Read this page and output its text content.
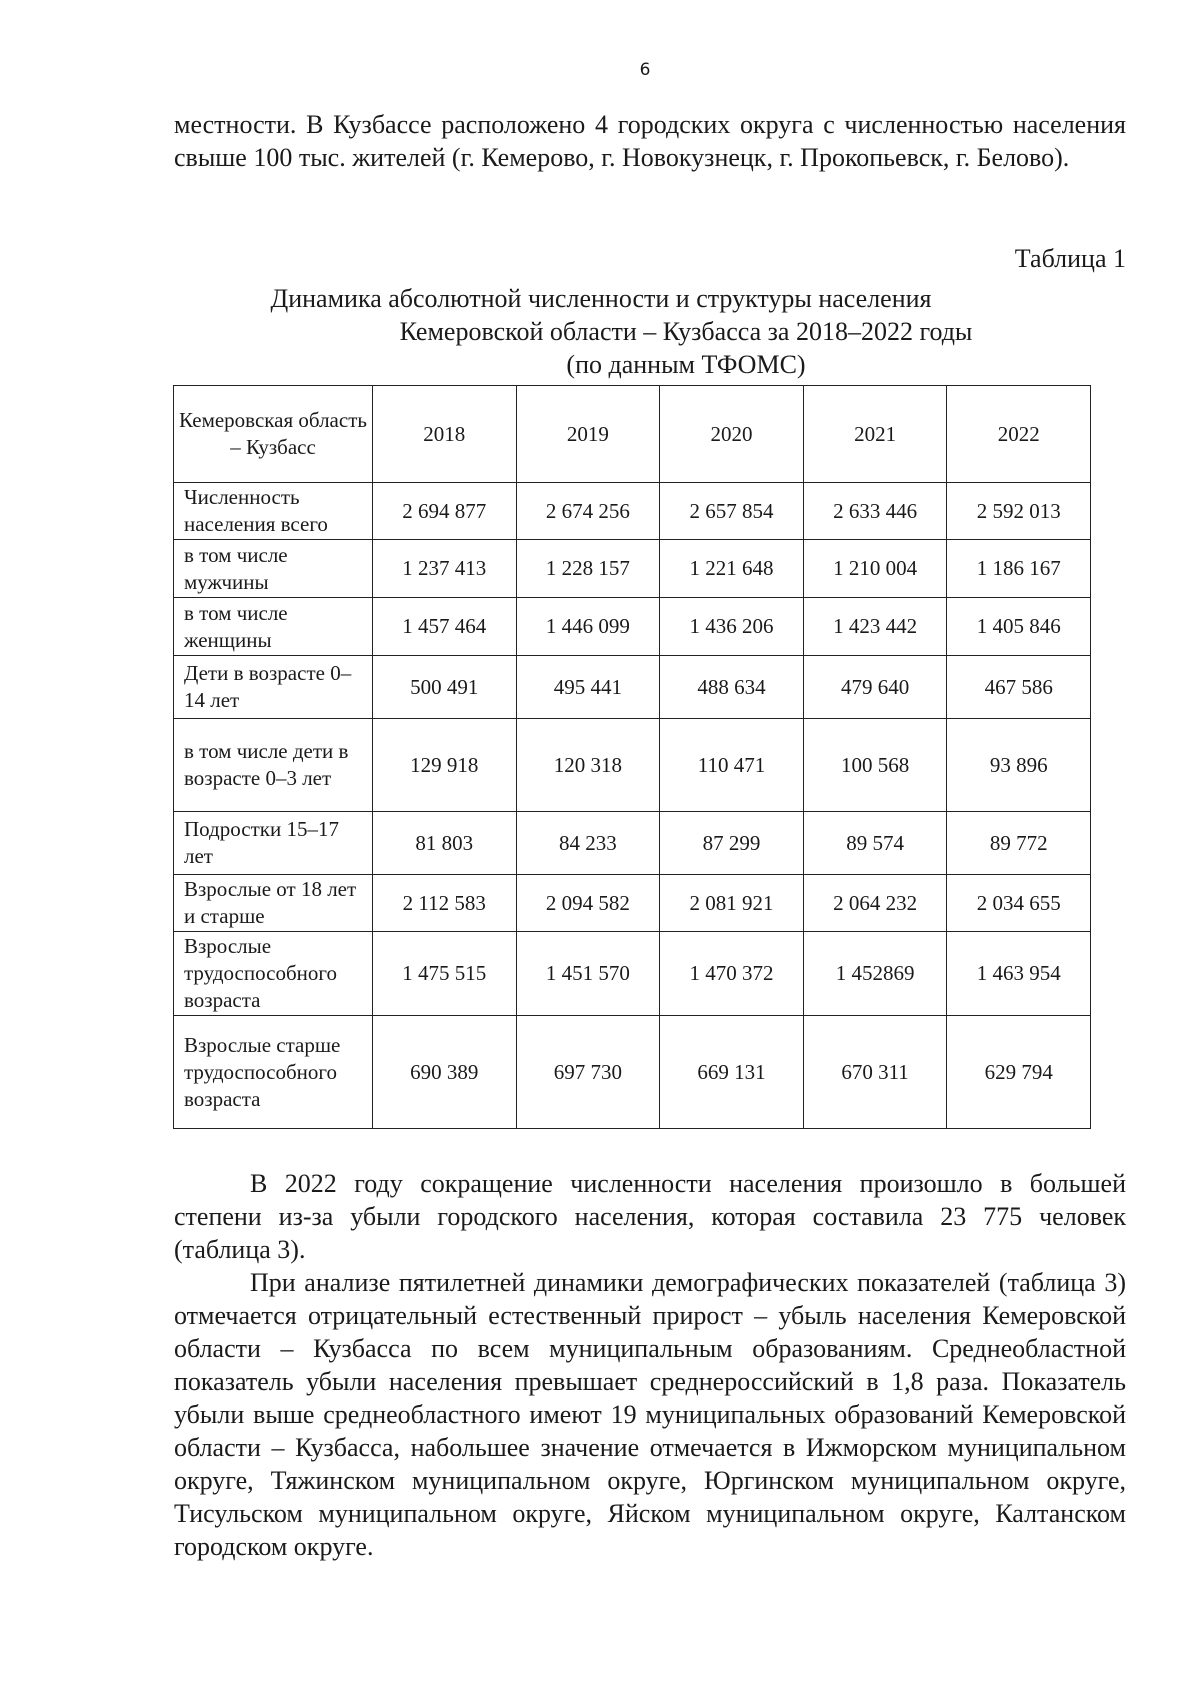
6

местности. В Кузбассе расположено 4 городских округа с численностью населения свыше 100 тыс. жителей (г. Кемерово, г. Новокузнецк, г. Прокопьевск, г. Белово).

Таблица 1

Динамика абсолютной численности и структуры населения
Кемеровской области – Кузбасса за 2018–2022 годы
(по данным ТФОМС)

Кемеровская область – Кузбасс	2018	2019	2020	2021	2022
Численность населения всего	2 694 877	2 674 256	2 657 854	2 633 446	2 592 013
в том числе мужчины	1 237 413	1 228 157	1 221 648	1 210 004	1 186 167
в том числе женщины	1 457 464	1 446 099	1 436 206	1 423 442	1 405 846
Дети в возрасте 0–14 лет	500 491	495 441	488 634	479 640	467 586
в том числе дети в возрасте 0–3 лет	129 918	120 318	110 471	100 568	93 896
Подростки 15–17 лет	81 803	84 233	87 299	89 574	89 772
Взрослые от 18 лет и старше	2 112 583	2 094 582	2 081 921	2 064 232	2 034 655
Взрослые трудоспособного возраста	1 475 515	1 451 570	1 470 372	1 452869	1 463 954
Взрослые старше трудоспособного возраста	690 389	697 730	669 131	670 311	629 794

В 2022 году сокращение численности населения произошло в большей степени из-за убыли городского населения, которая составила 23 775 человек (таблица 3).

При анализе пятилетней динамики демографических показателей (таблица 3) отмечается отрицательный естественный прирост – убыль населения Кемеровской области – Кузбасса по всем муниципальным образованиям. Среднеобластной показатель убыли населения превышает среднероссийский в 1,8 раза. Показатель убыли выше среднеобластного имеют 19 муниципальных образований Кемеровской области – Кузбасса, набольшее значение отмечается в Ижморском муниципальном округе, Тяжинском муниципальном округе, Юргинском муниципальном округе, Тисульском муниципальном округе, Яйском муниципальном округе, Калтанском городском округе.
